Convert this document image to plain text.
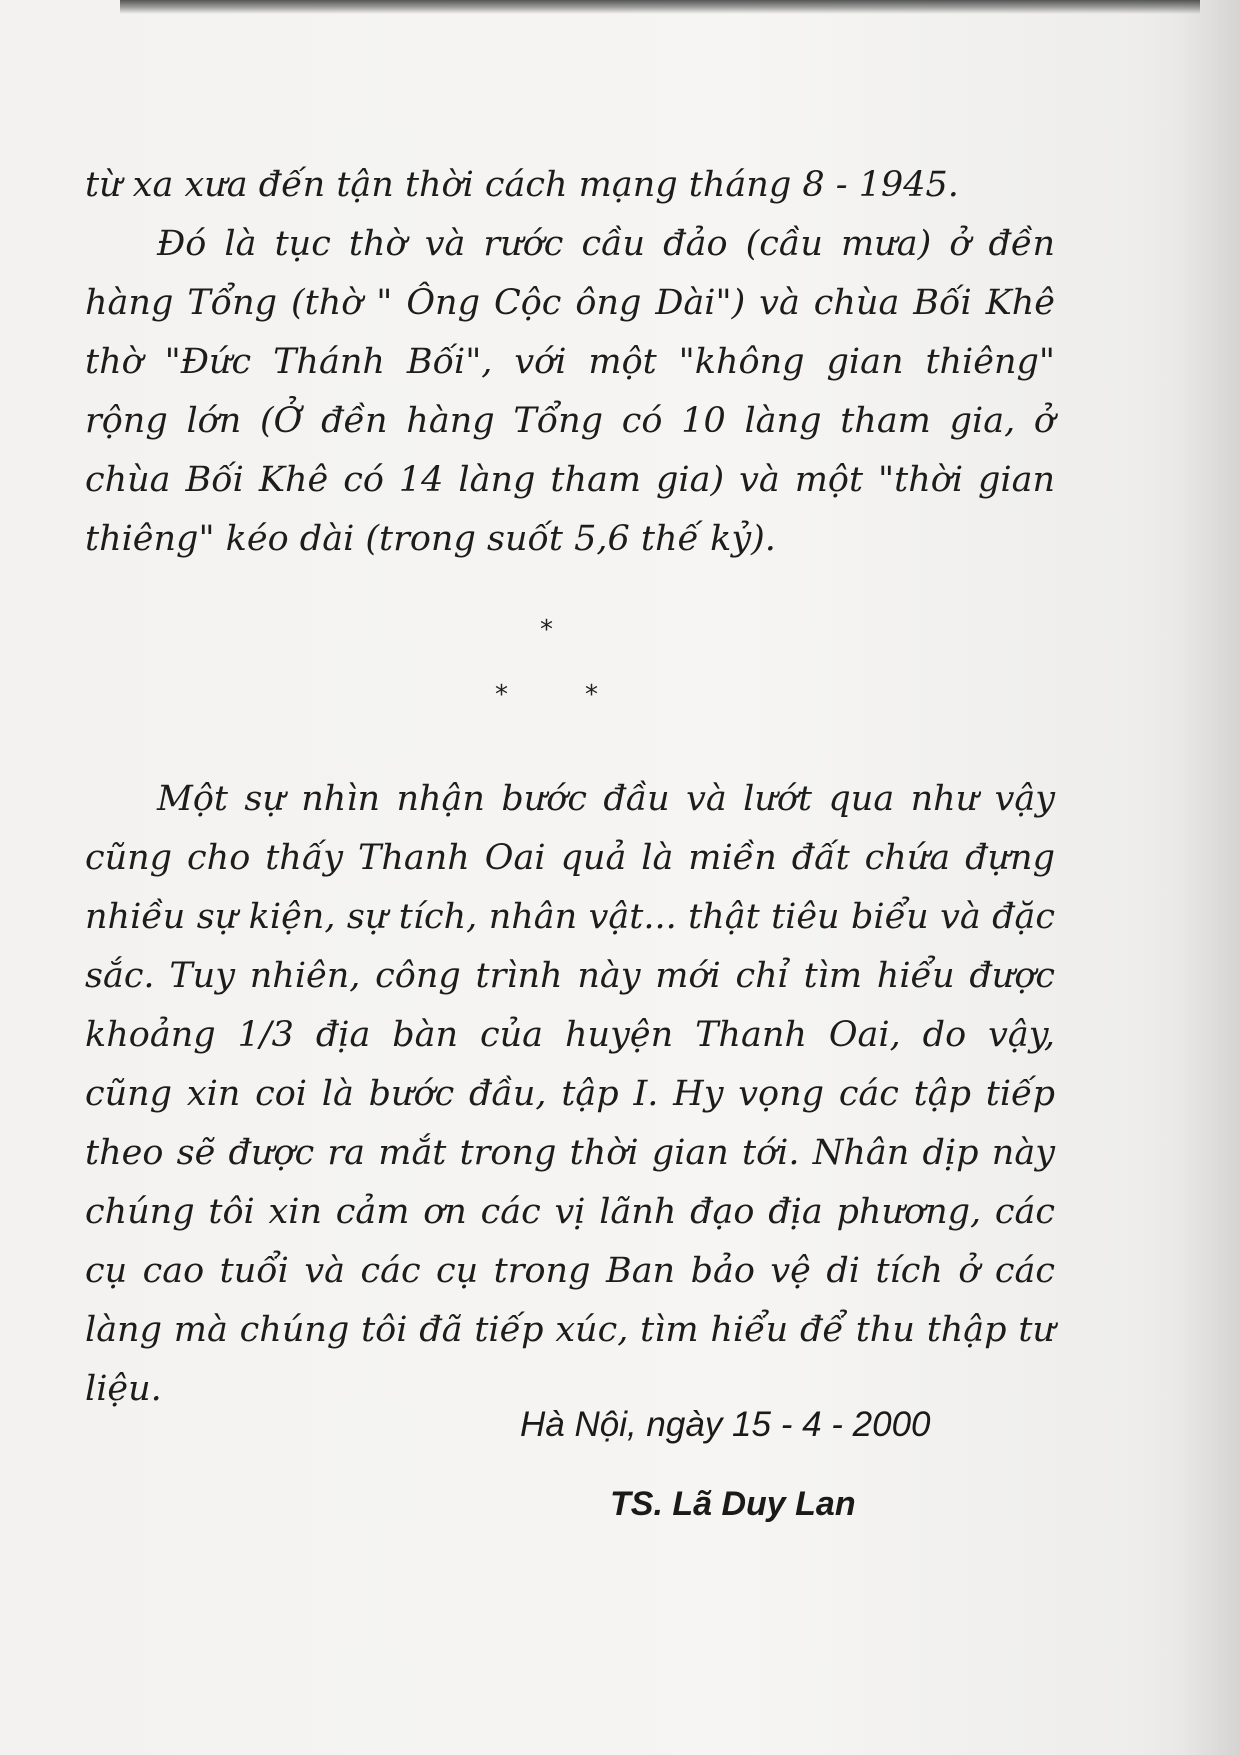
từ xa xưa đến tận thời cách mạng tháng 8 - 1945.

Đó là tục thờ và rước cầu đảo (cầu mưa) ở đền hàng Tổng (thờ " Ông Cộc ông Dài") và chùa Bối Khê thờ "Đức Thánh Bối", với một "không gian thiêng" rộng lớn (Ở đền hàng Tổng có 10 làng tham gia, ở chùa Bối Khê có 14 làng tham gia) và một "thời gian thiêng" kéo dài (trong suốt 5,6 thế kỷ).

*
*	*

Một sự nhìn nhận bước đầu và lướt qua như vậy cũng cho thấy Thanh Oai quả là miền đất chứa đựng nhiều sự kiện, sự tích, nhân vật... thật tiêu biểu và đặc sắc. Tuy nhiên, công trình này mới chỉ tìm hiểu được khoảng 1/3 địa bàn của huyện Thanh Oai, do vậy, cũng xin coi là bước đầu, tập I. Hy vọng các tập tiếp theo sẽ được ra mắt trong thời gian tới. Nhân dịp này chúng tôi xin cảm ơn các vị lãnh đạo địa phương, các cụ cao tuổi và các cụ trong Ban bảo vệ di tích ở các làng mà chúng tôi đã tiếp xúc, tìm hiểu để thu thập tư liệu.

Hà Nội, ngày 15 - 4 - 2000
TS. Lã Duy Lan
